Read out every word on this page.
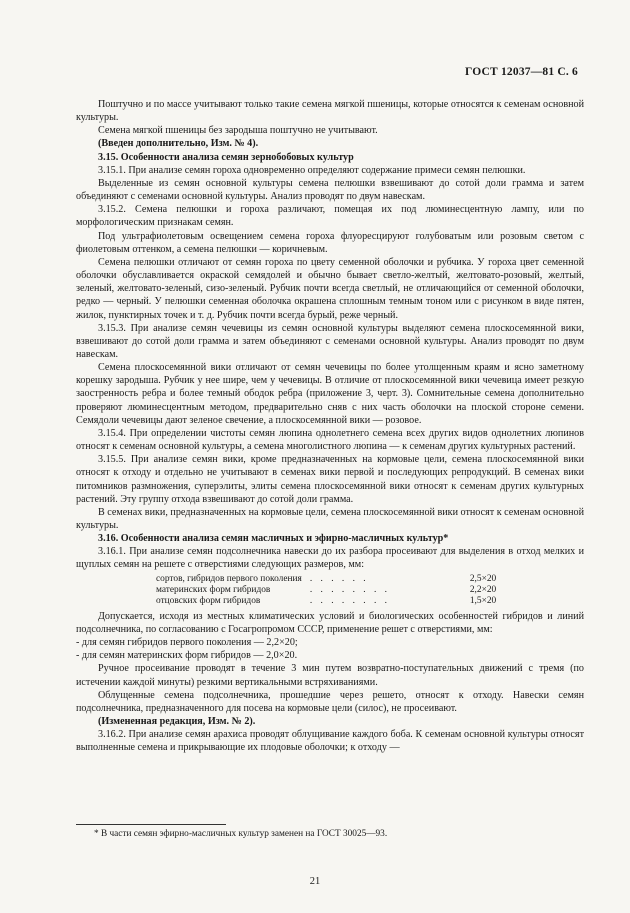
ГОСТ 12037—81 С. 6

Поштучно и по массе учитывают только такие семена мягкой пшеницы, которые относятся к семенам основной культуры.

Семена мягкой пшеницы без зародыша поштучно не учитывают.

(Введен дополнительно, Изм. № 4).

3.15. Особенности анализа семян зернобобовых культур

3.15.1. При анализе семян гороха одновременно определяют содержание примеси семян пелюшки.

Выделенные из семян основной культуры семена пелюшки взвешивают до сотой доли грамма и затем объединяют с семенами основной культуры. Анализ проводят по двум навескам.

3.15.2. Семена пелюшки и гороха различают, помещая их под люминесцентную лампу, или по морфологическим признакам семян.

Под ультрафиолетовым освещением семена гороха флуоресцируют голубоватым или розовым светом с фиолетовым оттенком, а семена пелюшки — коричневым.

Семена пелюшки отличают от семян гороха по цвету семенной оболочки и рубчика. У гороха цвет семенной оболочки обуславливается окраской семядолей и обычно бывает светло-желтый, желтовато-розовый, желтый, зеленый, желтовато-зеленый, сизо-зеленый. Рубчик почти всегда светлый, не отличающийся от семенной оболочки, редко — черный. У пелюшки семенная оболочка окрашена сплошным темным тоном или с рисунком в виде пятен, жилок, пунктирных точек и т. д. Рубчик почти всегда бурый, реже черный.

3.15.3. При анализе семян чечевицы из семян основной культуры выделяют семена плоскосемянной вики, взвешивают до сотой доли грамма и затем объединяют с семенами основной культуры. Анализ проводят по двум навескам.

Семена плоскосемянной вики отличают от семян чечевицы по более утолщенным краям и ясно заметному корешку зародыша. Рубчик у нее шире, чем у чечевицы. В отличие от плоскосемянной вики чечевица имеет резкую заостренность ребра и более темный ободок ребра (приложение 3, черт. 3). Сомнительные семена дополнительно проверяют люминесцентным методом, предварительно сняв с них часть оболочки на плоской стороне семени. Семядоли чечевицы дают зеленое свечение, а плоскосемянной вики — розовое.

3.15.4. При определении чистоты семян люпина однолетнего семена всех других видов однолетних люпинов относят к семенам основной культуры, а семена многолистного люпина — к семенам других культурных растений.

3.15.5. При анализе семян вики, кроме предназначенных на кормовые цели, семена плоскосемянной вики относят к отходу и отдельно не учитывают в семенах вики первой и последующих репродукций. В семенах вики питомников размножения, суперэлиты, элиты семена плоскосемянной вики относят к семенам других культурных растений. Эту группу отхода взвешивают до сотой доли грамма.

В семенах вики, предназначенных на кормовые цели, семена плоскосемянной вики относят к семенам основной культуры.

3.16. Особенности анализа семян масличных и эфирно-масличных культур*

3.16.1. При анализе семян подсолнечника навески до их разбора просеивают для выделения в отход мелких и щуплых семян на решете с отверстиями следующих размеров, мм:

сортов, гибридов первого поколения	. . . . . .	2,5×20
материнских форм гибридов	. . . . . . . .	2,2×20
отцовских форм гибридов	. . . . . . . .	1,5×20

Допускается, исходя из местных климатических условий и биологических особенностей гибридов и линий подсолнечника, по согласованию с Госагропромом СССР, применение решет с отверстиями, мм:

- для семян гибридов первого поколения — 2,2×20;

- для семян материнских форм гибридов — 2,0×20.

Ручное просеивание проводят в течение 3 мин путем возвратно-поступательных движений с тремя (по истечении каждой минуты) резкими вертикальными встряхиваниями.

Облущенные семена подсолнечника, прошедшие через решето, относят к отходу. Навески семян подсолнечника, предназначенного для посева на кормовые цели (силос), не просеивают.

(Измененная редакция, Изм. № 2).

3.16.2. При анализе семян арахиса проводят облущивание каждого боба. К семенам основной культуры относят выполненные семена и прикрывающие их плодовые оболочки; к отходу —

* В части семян эфирно-масличных культур заменен на ГОСТ 30025—93.
21
